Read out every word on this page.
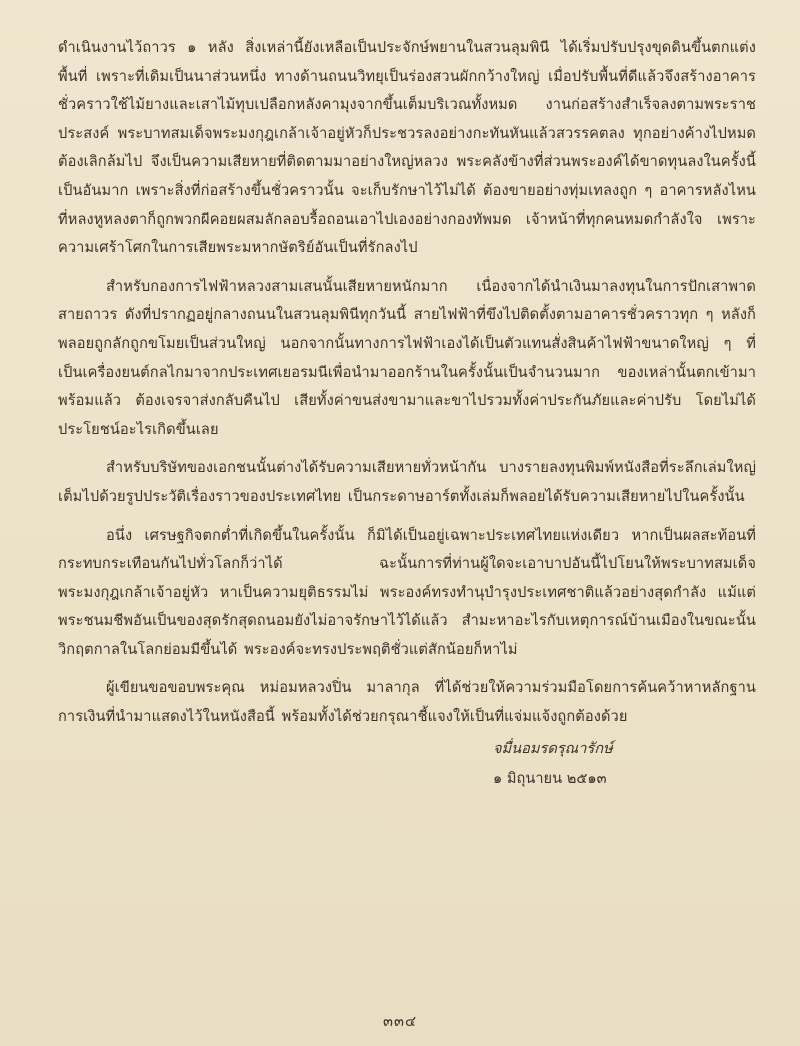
ดำเนินงานไว้ถาวร ๑ หลัง สิ่งเหล่านี้ยังเหลือเป็นประจักษ์พยานในสวนลุมพินี ได้เริ่มปรับปรุงขุดดินขึ้นตกแต่งพื้นที่ เพราะที่เดิมเป็นนาส่วนหนึ่ง ทางด้านถนนวิทยุเป็นร่องสวนผักกว้างใหญ่ เมื่อปรับพื้นที่ดีแล้วจึงสร้างอาคารชั่วคราวใช้ไม้ยางและเสาไม้ทุบเปลือกหลังคามุงจากขึ้นเต็มบริเวณทั้งหมด งานก่อสร้างสำเร็จลงตามพระราชประสงค์ พระบาทสมเด็จพระมงกุฎเกล้าเจ้าอยู่หัวก็ประชวรลงอย่างกะทันหันแล้วสวรรคตลง ทุกอย่างค้างไปหมด ต้องเลิกล้มไป จึงเป็นความเสียหายที่ติดตามมาอย่างใหญ่หลวง พระคลังข้างที่ส่วนพระองค์ได้ขาดทุนลงในครั้งนี้เป็นอันมาก เพราะสิ่งที่ก่อสร้างขึ้นชั่วคราวนั้น จะเก็บรักษาไว้ไม่ได้ ต้องขายอย่างทุ่มเทลงถูก ๆ อาคารหลังไหนที่หลงหูหลงตาก็ถูกพวกผีคอยผสมลักลอบรื้อถอนเอาไปเองอย่างกองทัพมด เจ้าหน้าที่ทุกคนหมดกำลังใจ เพราะความเศร้าโศกในการเสียพระมหากษัตริย์อันเป็นที่รักลงไป

สำหรับกองการไฟฟ้าหลวงสามเสนนั้นเสียหายหนักมาก เนื่องจากได้นำเงินมาลงทุนในการปักเสาพาดสายถาวร ดังที่ปรากฏอยู่กลางถนนในสวนลุมพินีทุกวันนี้ สายไฟฟ้าที่ขึงไปติดตั้งตามอาคารชั่วคราวทุก ๆ หลังก็พลอยถูกลักถูกขโมยเป็นส่วนใหญ่ นอกจากนั้นทางการไฟฟ้าเองได้เป็นตัวแทนสั่งสินค้าไฟฟ้าขนาดใหญ่ ๆ ที่เป็นเครื่องยนต์กลไกมาจากประเทศเยอรมนีเพื่อนำมาออกร้านในครั้งนั้นเป็นจำนวนมาก ของเหล่านั้นตกเข้ามาพร้อมแล้ว ต้องเจรจาส่งกลับคืนไป เสียทั้งค่าขนส่งขามาและขาไปรวมทั้งค่าประกันภัยและค่าปรับ โดยไม่ได้ประโยชน์อะไรเกิดขึ้นเลย

สำหรับบริษัทของเอกชนนั้นต่างได้รับความเสียหายทั่วหน้ากัน บางรายลงทุนพิมพ์หนังสือที่ระลึกเล่มใหญ่ เต็มไปด้วยรูปประวัติเรื่องราวของประเทศไทย เป็นกระดาษอาร์ตทั้งเล่มก็พลอยได้รับความเสียหายไปในครั้งนั้น

อนึ่ง เศรษฐกิจตกต่ำที่เกิดขึ้นในครั้งนั้น ก็มิได้เป็นอยู่เฉพาะประเทศไทยแห่งเดียว หากเป็นผลสะท้อนที่กระทบกระเทือนกันไปทั่วโลกก็ว่าได้ ฉะนั้นการที่ท่านผู้ใดจะเอาบาปอันนี้ไปโยนให้พระบาทสมเด็จพระมงกุฎเกล้าเจ้าอยู่หัว หาเป็นความยุติธรรมไม่ พระองค์ทรงทำนุบำรุงประเทศชาติแล้วอย่างสุดกำลัง แม้แต่พระชนมชีพอันเป็นของสุดรักสุดถนอมยังไม่อาจรักษาไว้ได้แล้ว สำมะหาอะไรกับเหตุการณ์บ้านเมืองในขณะนั้น วิกฤตกาลในโลกย่อมมีขึ้นได้ พระองค์จะทรงประพฤติชั่วแต่สักน้อยก็หาไม่

ผู้เขียนขอขอบพระคุณ หม่อมหลวงปิ่น มาลากุล ที่ได้ช่วยให้ความร่วมมือโดยการค้นคว้าหาหลักฐานการเงินที่นำมาแสดงไว้ในหนังสือนี้ พร้อมทั้งได้ช่วยกรุณาชี้แจงให้เป็นที่แจ่มแจ้งถูกต้องด้วย

จมื่นอมรดรุณารักษ์
๑ มิถุนายน ๒๕๑๓
๓๓๔
